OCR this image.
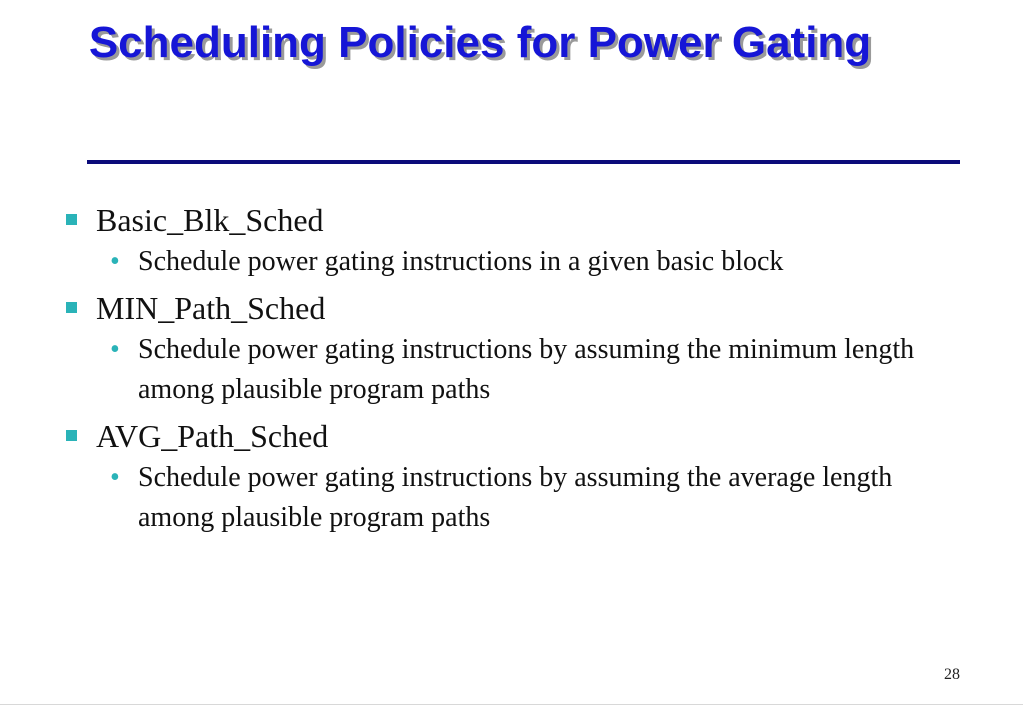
Scheduling Policies for Power Gating
Basic_Blk_Sched
• Schedule power gating instructions in a given basic block
MIN_Path_Sched
• Schedule power gating instructions by assuming the minimum length among plausible program paths
AVG_Path_Sched
• Schedule power gating instructions by assuming the average length among plausible program paths
28
